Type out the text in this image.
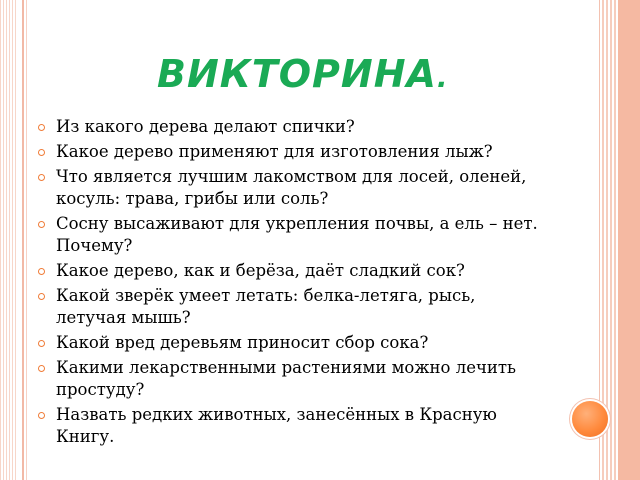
ВИКТОРИНА.
Из какого дерева делают спички?
Какое дерево применяют для изготовления лыж?
Что является лучшим лакомством для лосей, оленей, косуль: трава, грибы или соль?
Сосну высаживают для укрепления почвы, а ель – нет. Почему?
Какое дерево, как и берёза, даёт сладкий сок?
Какой зверёк умеет летать: белка-летяга, рысь, летучая мышь?
Какой вред деревьям приносит сбор сока?
Какими лекарственными растениями можно лечить простуду?
Назвать редких животных, занесённых в Красную Книгу.
